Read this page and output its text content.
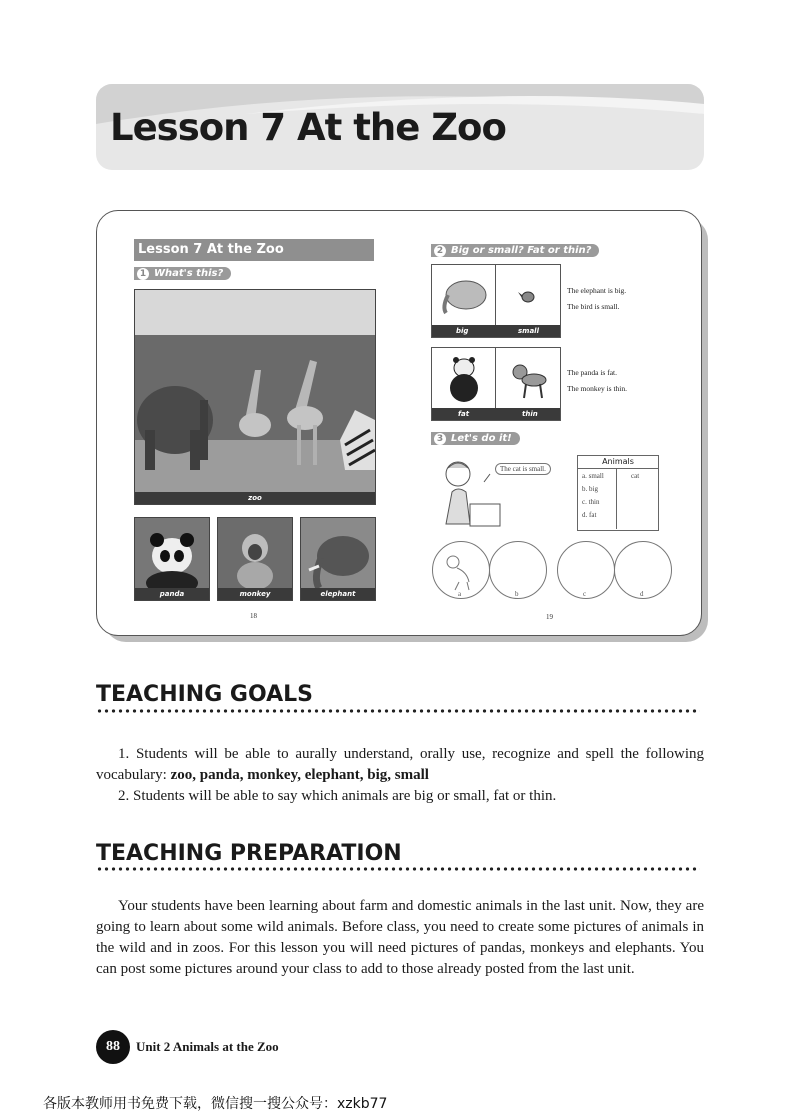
Lesson 7 At the Zoo
Lesson 7 At the Zoo
1 What's this?
zoo
panda	monkey	elephant
18
2 Big or small? Fat or thin?
big	small
The elephant is big.
The bird is small.
fat	thin
The panda is fat.
The monkey is thin.
3 Let's do it!
The cat is small.
Animals
a. small	cat
b. big
c. thin
d. fat
a	b	c	d
19
TEACHING GOALS

1. Students will be able to aurally understand, orally use, recognize and spell the following vocabulary: zoo, panda, monkey, elephant, big, small

2. Students will be able to say which animals are big or small, fat or thin.

TEACHING PREPARATION

Your students have been learning about farm and domestic animals in the last unit. Now, they are going to learn about some wild animals. Before class, you need to create some pictures of animals in the wild and in zoos. For this lesson you will need pictures of pandas, monkeys and elephants. You can post some pictures around your class to add to those already posted from the last unit.

88	Unit 2 Animals at the Zoo
各版本教师用书免费下载，微信搜一搜公众号：xzkb77
